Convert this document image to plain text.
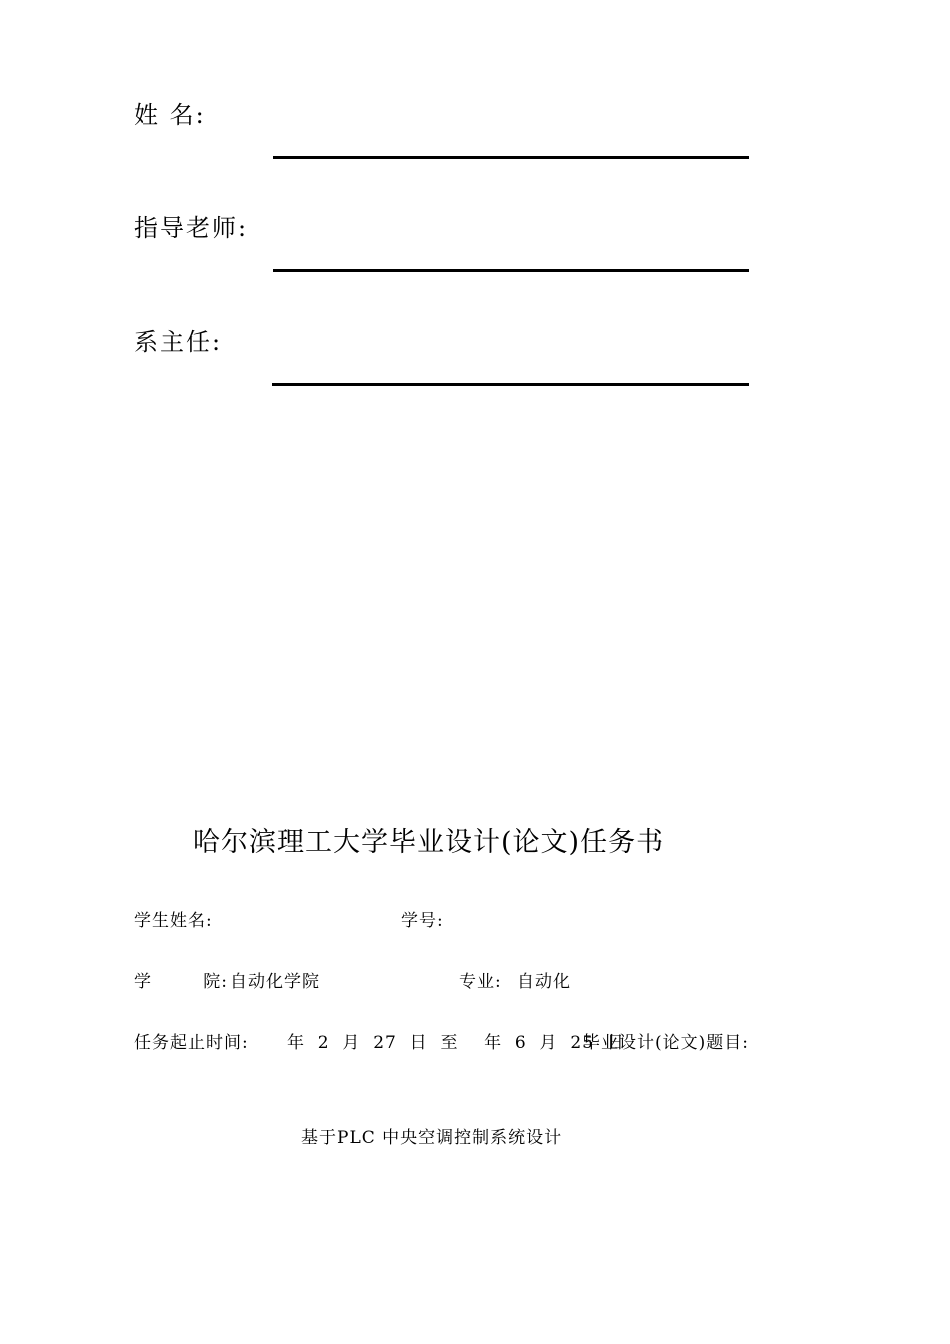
姓 名:
指导老师:
系主任:
哈尔滨理工大学毕业设计(论文)任务书
学生姓名:	学号:
学        院: 自动化学院	专业: 自动化
任务起止时间: 年  2  月  27  日  至    年  6  月  25  日
毕业设计(论文)题目:
基于PLC 中央空调控制系统设计
